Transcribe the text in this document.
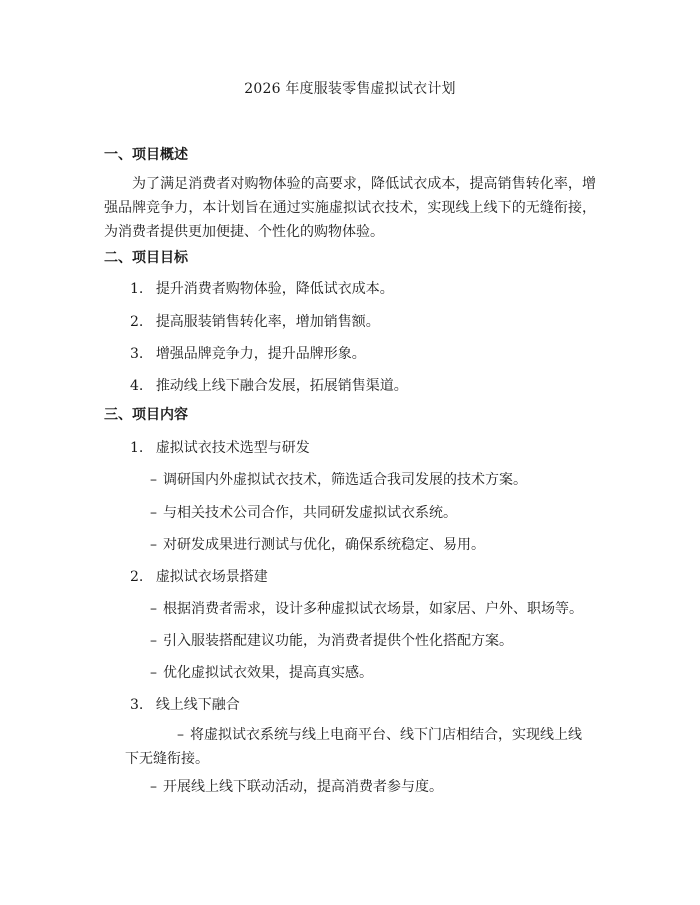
2026 年度服装零售虚拟试衣计划
一、项目概述

为了满足消费者对购物体验的高要求，降低试衣成本，提高销售转化率，增强品牌竞争力，本计划旨在通过实施虚拟试衣技术，实现线上线下的无缝衔接，为消费者提供更加便捷、个性化的购物体验。

二、项目目标
1. 提升消费者购物体验，降低试衣成本。
2. 提高服装销售转化率，增加销售额。
3. 增强品牌竞争力，提升品牌形象。
4. 推动线上线下融合发展，拓展销售渠道。
三、项目内容
1. 虚拟试衣技术选型与研发
– 调研国内外虚拟试衣技术，筛选适合我司发展的技术方案。
– 与相关技术公司合作，共同研发虚拟试衣系统。
– 对研发成果进行测试与优化，确保系统稳定、易用。
2. 虚拟试衣场景搭建
– 根据消费者需求，设计多种虚拟试衣场景，如家居、户外、职场等。
– 引入服装搭配建议功能，为消费者提供个性化搭配方案。
– 优化虚拟试衣效果，提高真实感。
3. 线上线下融合

– 将虚拟试衣系统与线上电商平台、线下门店相结合，实现线上线下无缝衔接。

– 开展线上线下联动活动，提高消费者参与度。
